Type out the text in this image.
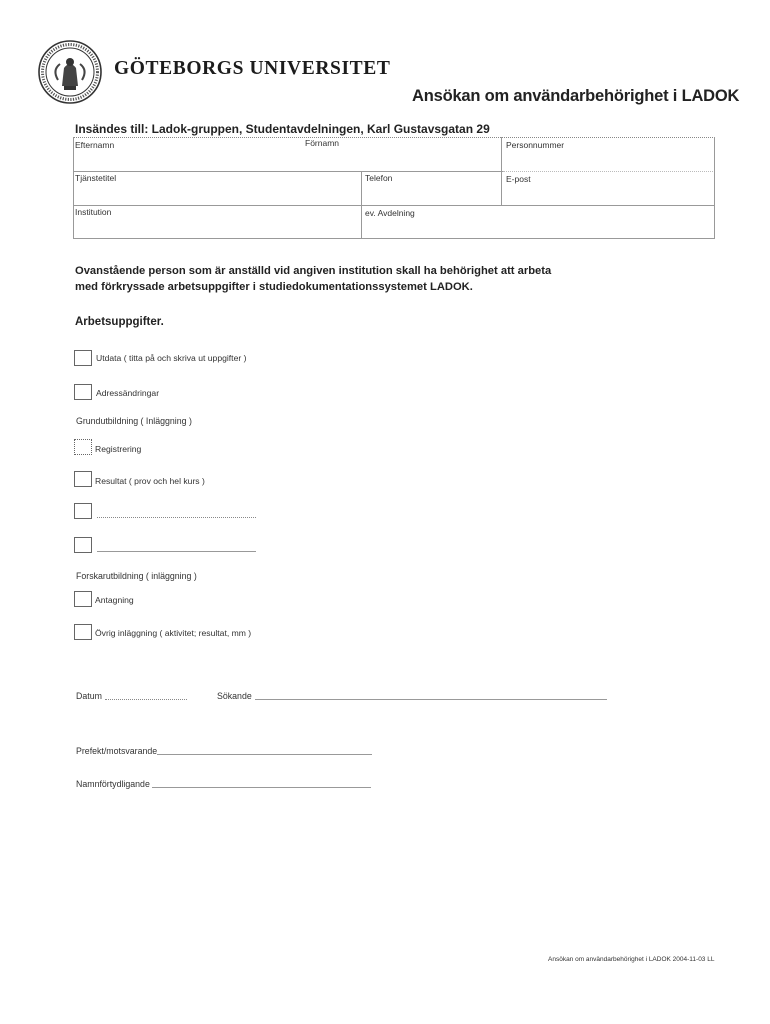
GÖTEBORGS UNIVERSITET
Ansökan om användarbehörighet i LADOK
Insändes till: Ladok-gruppen, Studentavdelningen, Karl Gustavsgatan 29
Efternamn	Förnamn	Personnummer
Tjänstetitel	Telefon	E-post
Institution	ev. Avdelning
Ovanstående person som är anställd vid angiven institution skall ha behörighet att arbeta
med förkryssade arbetsuppgifter i studiedokumentationssystemet LADOK.
Arbetsuppgifter.
Utdata ( titta på och skriva ut uppgifter )
Adressändringar
Grundutbildning ( Inläggning )
Registrering
Resultat ( prov och hel kurs )
Forskarutbildning ( inläggning )
Antagning
Övrig inläggning ( aktivitet; resultat, mm )
Datum	Sökande
Prefekt/motsvarande
Namnförtydligande
Ansökan om användarbehörighet i LADOK 2004-11-03 LL
